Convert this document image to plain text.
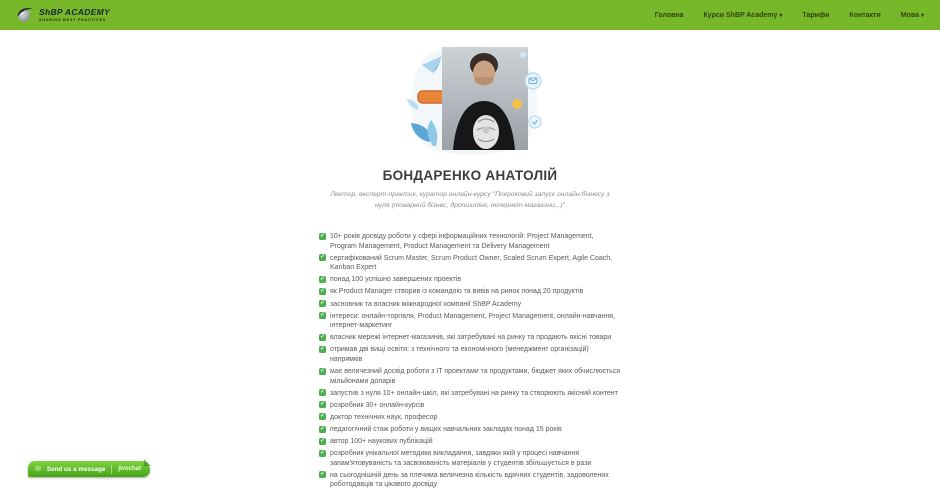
ShBP ACADEMY
SHARING BEST PRACTICES
Головна	Курси ShBP Academy ▾	Тарифи	Контакти	Мова ▾
БОНДАРЕНКО АНАТОЛІЙ

Лектор, експерт-практик, куратор онлайн-курсу "Покроковий запуск онлайн-бізнесу з нуля (товарний бізнес, дропшипінг, інтернет-магазини...)"

✓ 10+ років досвіду роботи у сфері інформаційних технологій: Project Management, Program Management, Product Management та Delivery Management
✓ сертифікований Scrum Master, Scrum Product Owner, Scaled Scrum Expert, Agile Coach, Kanban Expert
✓ понад 100 успішно завершених проектів
✓ як Product Manager створив із командою та вивів на ринок понад 20 продуктів
✓ засновник та власник міжнародної компанії ShBP Academy
✓ інтереси: онлайн-торгівля, Product Management, Project Management, онлайн-навчання, інтернет-маркетинг
✓ власник мережі інтернет-магазинів, які затребувані на ринку та продають якісні товари
✓ отримав дві вищі освіти: з технічного та економічного (менеджмент організацій) напрямків
✓ має величезний досвід роботи з IT проектами та продуктами, бюджет яких обчислюється мільйонами доларів
✓ запустив з нуля 10+ онлайн-шкіл, які затребувані на ринку та створюють якісний контент
✓ розробник 30+ онлайн-курсів
✓ доктор технічних наук, професор
✓ педагогічний стаж роботи у вищих навчальних закладах понад 15 років
✓ автор 100+ наукових публікацій
✓ розробник унікальної методики викладання, завдяки якій у процесі навчання запам'ятовуваність та засвоюваність матеріалів у студентів збільшується в рази
✓ на сьогоднішній день за плечима величезна кількість вдячних студентів, задоволених роботодавців та цікавого досвіду
✉ Send us a message jivochat
